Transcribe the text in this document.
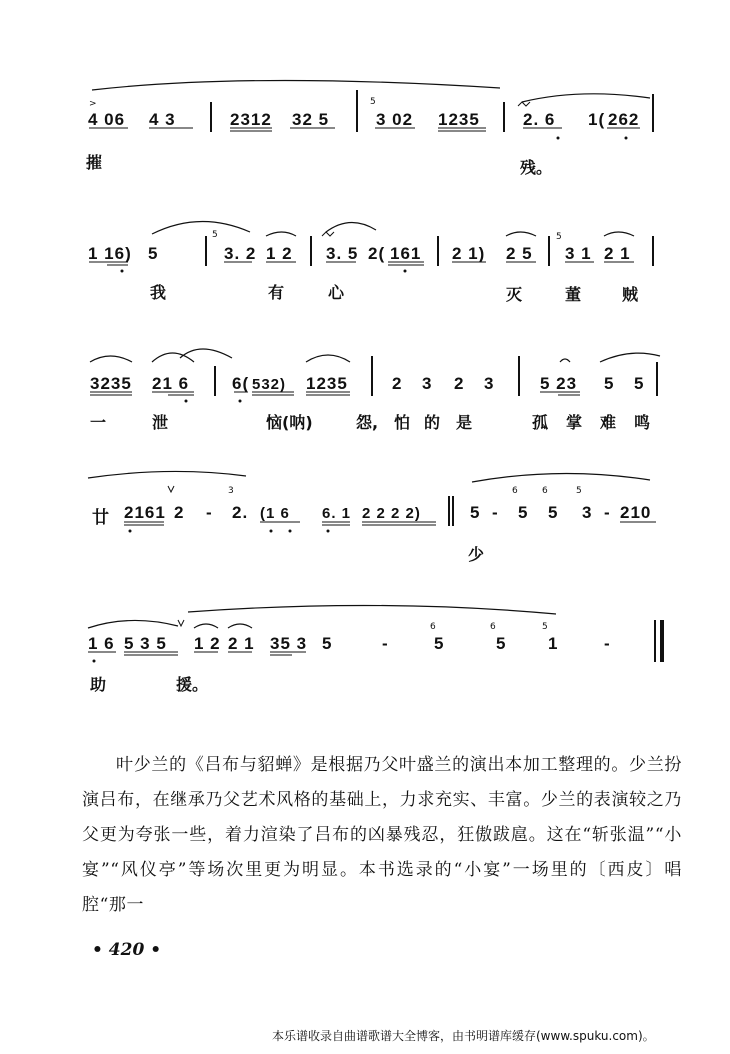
>	5
4 06 4 3	2312 32 5	3 02 1235	2. 6 1( 262
摧	残。
5	5
1 16) 5	3. 2 1 2 3. 5 2( 161 2 1) 2 5 3 1 2 1
我	有	心	灭	董	贼
3235 21 6	6( 532) 1235	2 3 2 3	5 23 5 5
一	泄	恼(呐)	怨, 怕 的 是	孤 掌 难 鸣
3	6	6	5
廿 2161 2 - 2. (1 6 6. 1 2 2 2 2)	5 - 5 5 3 - 210
少
6	6	5
1 6 5 3 5 1 2 2 1 35 3 5	-	5	5 1	-
助	援。
叶少兰的《吕布与貂蝉》是根据乃父叶盛兰的演出本加工整理的。少兰扮演吕布，在继承乃父艺术风格的基础上，力求充实、丰富。少兰的表演较之乃父更为夸张一些，着力渲染了吕布的凶暴残忍，狂傲跋扈。这在“斩张温”“小宴”“风仪亭”等场次里更为明显。本书选录的“小宴”一场里的〔西皮〕唱腔“那一
• 420 •
本乐谱收录自曲谱歌谱大全博客，由书明谱库缓存(www.spuku.com)。
